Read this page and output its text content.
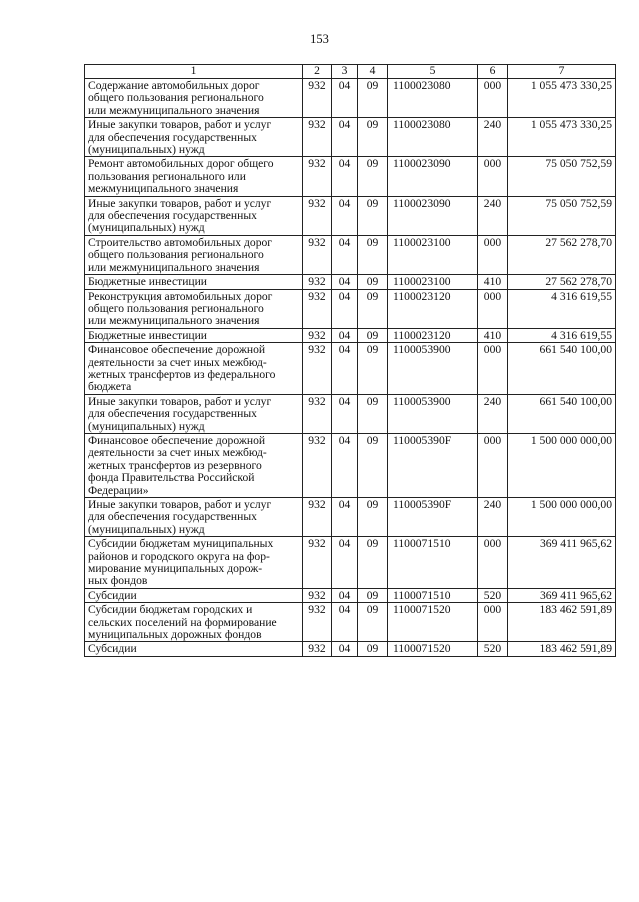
153
1	2	3	4	5	6	7
Содержание автомобильных дорог
общего пользования регионального
или межмуниципального значения	932	04	09	1100023080	000	1 055 473 330,25
Иные закупки товаров, работ и услуг
для обеспечения государственных
(муниципальных) нужд	932	04	09	1100023080	240	1 055 473 330,25
Ремонт автомобильных дорог общего
пользования регионального или
межмуниципального значения	932	04	09	1100023090	000	75 050 752,59
Иные закупки товаров, работ и услуг
для обеспечения государственных
(муниципальных) нужд	932	04	09	1100023090	240	75 050 752,59
Строительство автомобильных дорог
общего пользования регионального
или межмуниципального значения	932	04	09	1100023100	000	27 562 278,70
Бюджетные инвестиции	932	04	09	1100023100	410	27 562 278,70
Реконструкция автомобильных дорог
общего пользования регионального
или межмуниципального значения	932	04	09	1100023120	000	4 316 619,55
Бюджетные инвестиции	932	04	09	1100023120	410	4 316 619,55
Финансовое обеспечение дорожной
деятельности за счет иных межбюд-
жетных трансфертов из федерального
бюджета	932	04	09	1100053900	000	661 540 100,00
Иные закупки товаров, работ и услуг
для обеспечения государственных
(муниципальных) нужд	932	04	09	1100053900	240	661 540 100,00
Финансовое обеспечение дорожной
деятельности за счет иных межбюд-
жетных трансфертов из резервного
фонда Правительства Российской
Федерации»	932	04	09	110005390F	000	1 500 000 000,00
Иные закупки товаров, работ и услуг
для обеспечения государственных
(муниципальных) нужд	932	04	09	110005390F	240	1 500 000 000,00
Субсидии бюджетам муниципальных
районов и городского округа на фор-
мирование муниципальных дорож-
ных фондов	932	04	09	1100071510	000	369 411 965,62
Субсидии	932	04	09	1100071510	520	369 411 965,62
Субсидии бюджетам городских и
сельских поселений на формирование
муниципальных дорожных фондов	932	04	09	1100071520	000	183 462 591,89
Субсидии	932	04	09	1100071520	520	183 462 591,89
